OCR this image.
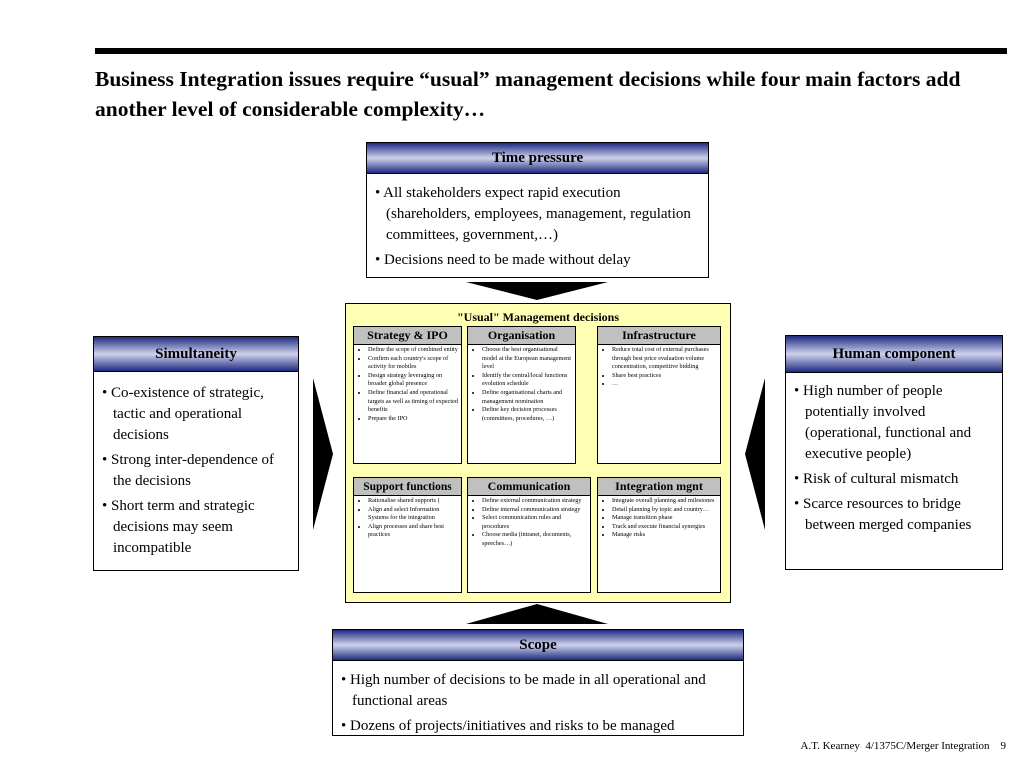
Business Integration issues require “usual” management decisions while four main factors add another level of considerable complexity…
Time pressure
• All stakeholders expect rapid execution (shareholders, employees, management, regulation committees, government,…)
• Decisions need to be made without delay
Simultaneity
• Co-existence of strategic, tactic and operational decisions
• Strong inter-dependence of the decisions
• Short term and strategic decisions may seem incompatible
Human component
• High number of people potentially involved (operational, functional and executive people)
• Risk of cultural mismatch
• Scarce resources to bridge between merged companies
Scope
• High number of decisions to be made in all operational and functional areas
• Dozens of projects/initiatives and risks to be managed
"Usual" Management decisions
Strategy & IPO
• Define the scope of combined entity
• Confirm each country's scope of activity for mobiles
• Design strategy leveraging on broader global presence
• Define financial and operational targets as well as timing of expected benefits
• Prepare the IPO
Organisation
• Choose the best organisational model at the European management level
• Identify the central/local functions evolution schedule
• Define organisational charts and management nomination
• Define key decision processes (committees, procedures, …)
Infrastructure
• Reduce total cost of external purchases through best price evaluation volume concentration, competitive bidding
• Share best practices
• …
Support functions
• Rationalise shared supports (
• Align and select Information Systems for the integration
• Align processes and share best practices
Communication
• Define external communication strategy
• Define internal communication strategy
• Select communication rules and procedures
• Choose media (intranet, documents, speeches…)
Integration mgnt
• Integrate overall planning and milestones
• Detail planning by topic and country…
• Manage transition phase
• Track and execute financial synergies
• Manage risks
A.T. Kearney  4/1375C/Merger Integration 9
